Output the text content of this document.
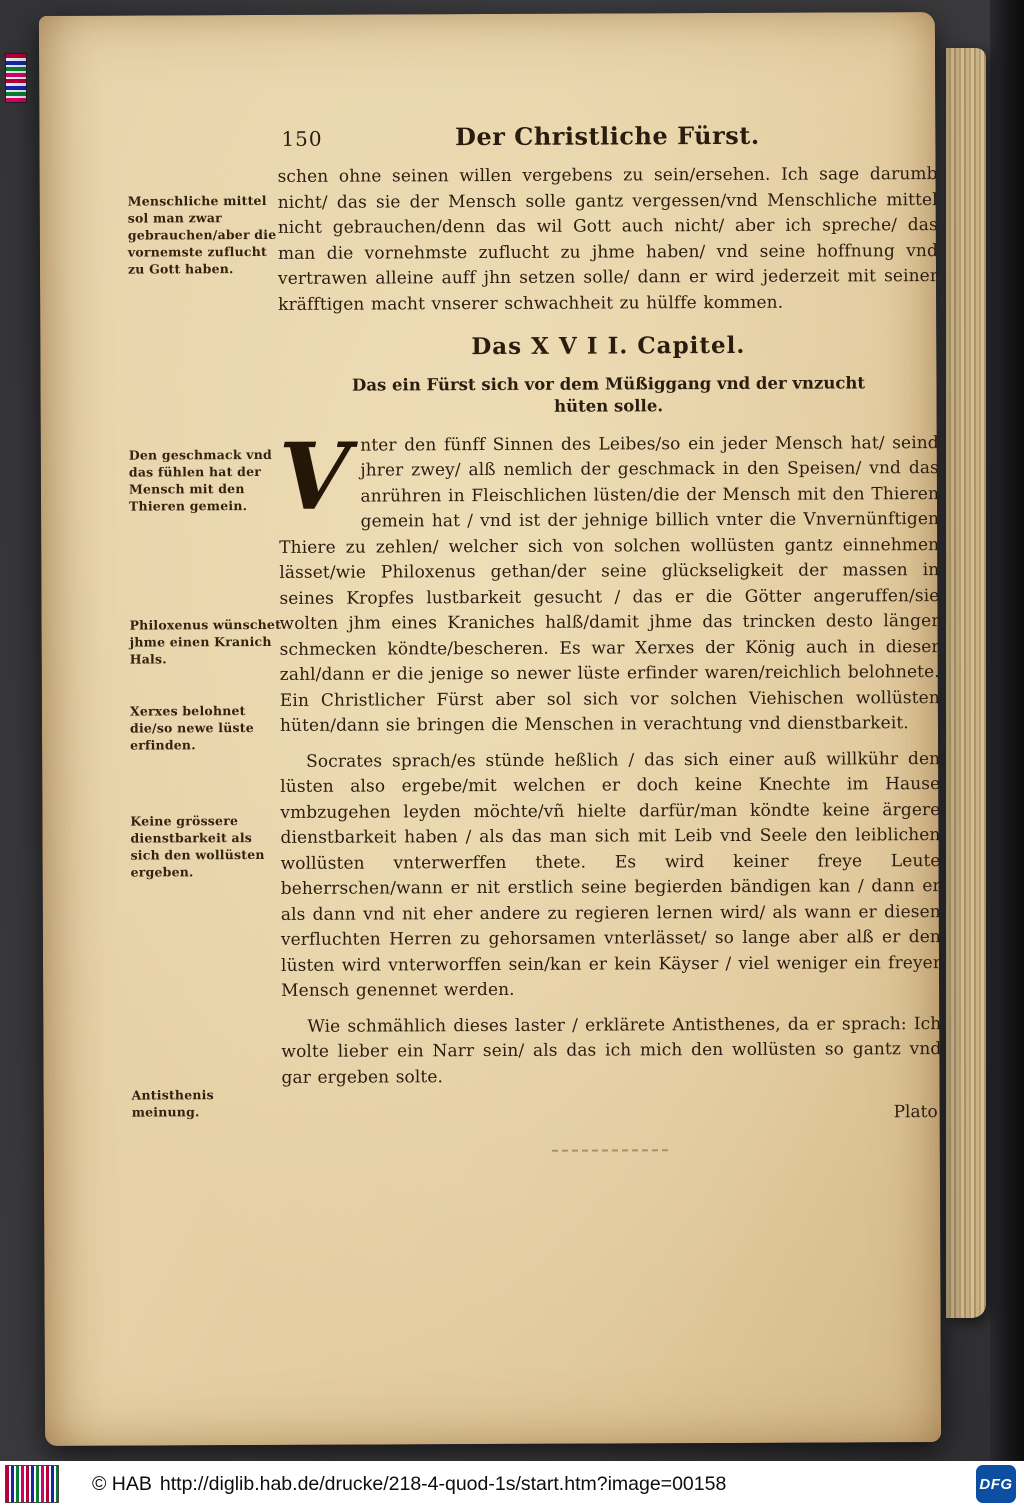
Menschliche mittel sol man zwar gebrauchen/aber die vornemste zuflucht zu Gott haben.
Den geschmack vnd das fühlen hat der Mensch mit den Thieren gemein.
Philoxenus wünschet jhme einen Kranich Hals.
Xerxes belohnet die/so newe lüste erfinden.
Keine grössere dienstbarkeit als sich den wollüsten ergeben.
Antisthenis meinung.
150	Der Christliche Fürst.

schen ohne seinen willen vergebens zu sein/ersehen. Ich sage darumb nicht/ das sie der Mensch solle gantz vergessen/vnd Menschliche mittel nicht gebrauchen/denn das wil Gott auch nicht/ aber ich spreche/ das man die vornehmste zuflucht zu jhme haben/ vnd seine hoffnung vnd vertrawen alleine auff jhn setzen solle/ dann er wird jederzeit mit seiner kräfftigen macht vnserer schwachheit zu hülffe kommen.

Das X V I I. Capitel.
Das ein Fürst sich vor dem Müßiggang vnd der vnzucht hüten solle.

Vnter den fünff Sinnen des Leibes/so ein jeder Mensch hat/ seind jhrer zwey/ alß nemlich der geschmack in den Speisen/ vnd das anrühren in Fleischlichen lüsten/die der Mensch mit den Thieren gemein hat / vnd ist der jehnige billich vnter die Vnvernünftigen Thiere zu zehlen/ welcher sich von solchen wollüsten gantz einnehmen lässet/wie Philoxenus gethan/der seine glückseligkeit der massen in seines Kropfes lustbarkeit gesucht / das er die Götter angeruffen/sie wolten jhm eines Kraniches halß/damit jhme das trincken desto länger schmecken köndte/bescheren. Es war Xerxes der König auch in dieser zahl/dann er die jenige so newer lüste erfinder waren/reichlich belohnete. Ein Christlicher Fürst aber sol sich vor solchen Viehischen wollüsten hüten/dann sie bringen die Menschen in verachtung vnd dienstbarkeit.

Socrates sprach/es stünde heßlich / das sich einer auß willkühr den lüsten also ergebe/mit welchen er doch keine Knechte im Hause vmbzugehen leyden möchte/vñ hielte darfür/man köndte keine ärgere dienstbarkeit haben / als das man sich mit Leib vnd Seele den leiblichen wollüsten vnterwerffen thete. Es wird keiner freye Leute beherrschen/wann er nit erstlich seine begierden bändigen kan / dann er als dann vnd nit eher andere zu regieren lernen wird/ als wann er diesen verfluchten Herren zu gehorsamen vnterlässet/ so lange aber alß er den lüsten wird vnterworffen sein/kan er kein Käyser / viel weniger ein freyer Mensch genennet werden.

Wie schmählich dieses laster / erklärete Antisthenes, da er sprach: Ich wolte lieber ein Narr sein/ als das ich mich den wollüsten so gantz vnd gar ergeben solte.

Plato
© HAB http://diglib.hab.de/drucke/218-4-quod-1s/start.htm?image=00158	DFG
